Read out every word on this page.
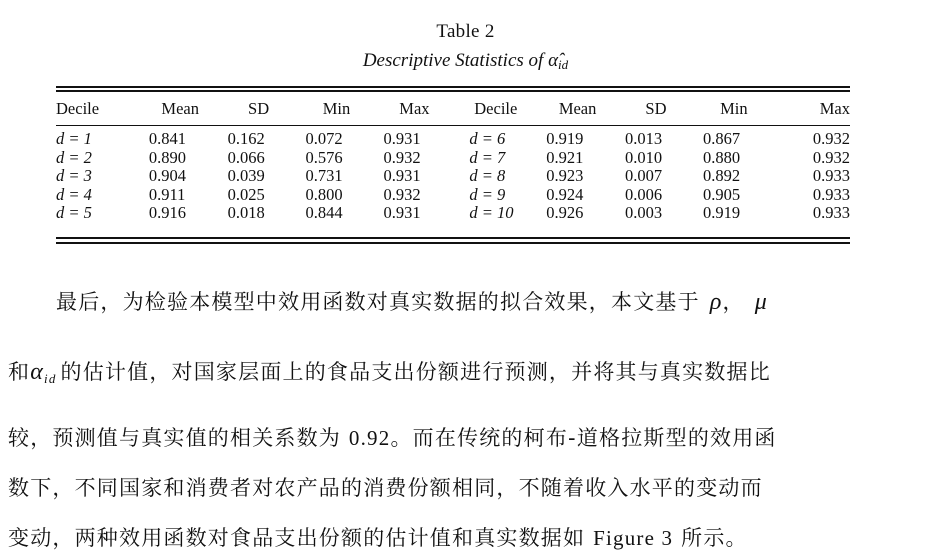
Table 2
Descriptive Statistics of $\alphâ_{id}$
Decile	Mean	SD	Min	Max	Decile	Mean	SD	Min	Max
d = 1	0.841	0.162	0.072	0.931	d = 6	0.919	0.013	0.867	0.932
d = 2	0.890	0.066	0.576	0.932	d = 7	0.921	0.010	0.880	0.932
d = 3	0.904	0.039	0.731	0.931	d = 8	0.923	0.007	0.892	0.933
d = 4	0.911	0.025	0.800	0.932	d = 9	0.924	0.006	0.905	0.933
d = 5	0.916	0.018	0.844	0.931	d = 10	0.926	0.003	0.919	0.933
最后，为检验本模型中效用函数对真实数据的拟合效果，本文基于 ρ， μ
和$\alpha_{id}$ 的估计值，对国家层面上的食品支出份额进行预测，并将其与真实数据比
较，预测值与真实值的相关系数为 0.92。而在传统的柯布-道格拉斯型的效用函
数下，不同国家和消费者对农产品的消费份额相同，不随着收入水平的变动而
变动，两种效用函数对食品支出份额的估计值和真实数据如 Figure 3 所示。
